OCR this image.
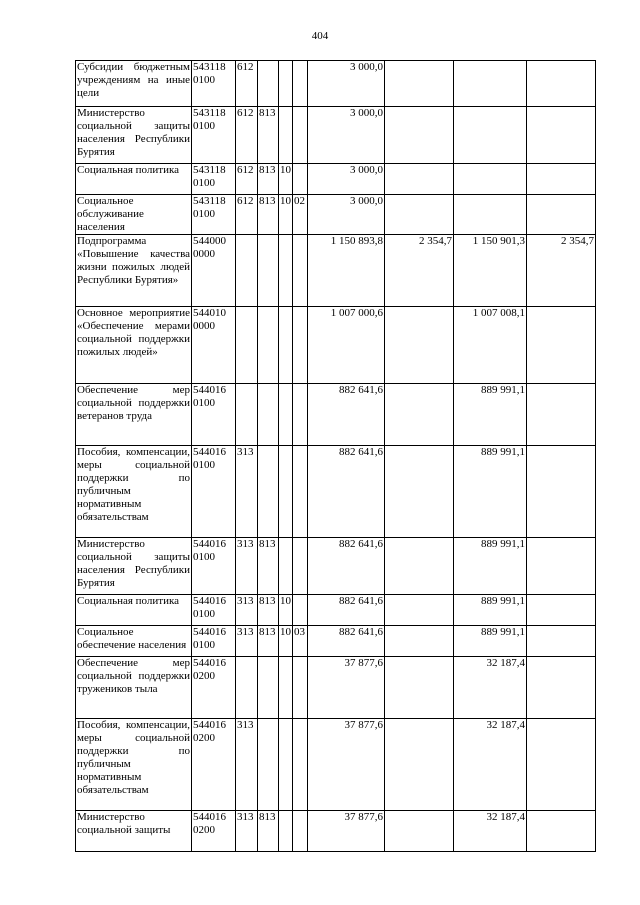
404
Субсидии бюджетным учреждениям на иные цели	543118 0100	612				3 000,0			
Министерство социальной защиты населения Республики Бурятия	543118 0100	612	813			3 000,0			
Социальная политика	543118 0100	612	813	10		3 000,0			
Социальное обслуживание населения	543118 0100	612	813	10	02	3 000,0			
Подпрограмма «Повышение качества жизни пожилых людей Республики Бурятия»	544000 0000					1 150 893,8	2 354,7	1 150 901,3	2 354,7
Основное мероприятие «Обеспечение мерами социальной поддержки пожилых людей»	544010 0000					1 007 000,6		1 007 008,1	
Обеспечение мер социальной поддержки ветеранов труда	544016 0100					882 641,6		889 991,1	
Пособия, компенсации, меры социальной поддержки по публичным нормативным обязательствам	544016 0100	313				882 641,6		889 991,1	
Министерство социальной защиты населения Республики Бурятия	544016 0100	313	813			882 641,6		889 991,1	
Социальная политика	544016 0100	313	813	10		882 641,6		889 991,1	
Социальное обеспечение населения	544016 0100	313	813	10	03	882 641,6		889 991,1	
Обеспечение мер социальной поддержки тружеников тыла	544016 0200					37 877,6		32 187,4	
Пособия, компенсации, меры социальной поддержки по публичным нормативным обязательствам	544016 0200	313				37 877,6		32 187,4	
Министерство социальной защиты	544016 0200	313	813			37 877,6		32 187,4	
